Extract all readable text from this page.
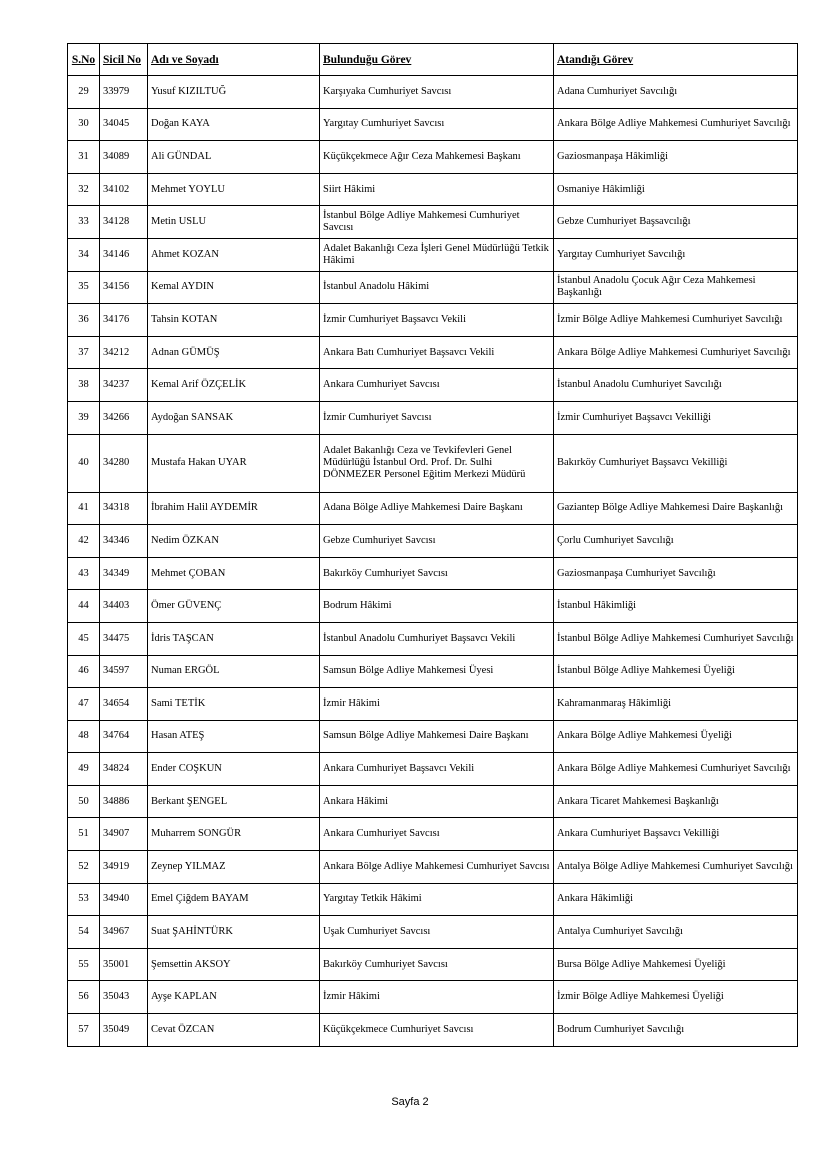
S.No	Sicil No	Adı ve Soyadı	Bulunduğu Görev	Atandığı Görev
29	33979	Yusuf KIZILTUĞ	Karşıyaka Cumhuriyet Savcısı	Adana Cumhuriyet Savcılığı
30	34045	Doğan KAYA	Yargıtay Cumhuriyet Savcısı	Ankara Bölge Adliye Mahkemesi Cumhuriyet Savcılığı
31	34089	Ali GÜNDAL	Küçükçekmece Ağır Ceza Mahkemesi Başkanı	Gaziosmanpaşa Hâkimliği
32	34102	Mehmet YOYLU	Siirt Hâkimi	Osmaniye Hâkimliği
33	34128	Metin USLU	İstanbul Bölge Adliye Mahkemesi Cumhuriyet Savcısı	Gebze Cumhuriyet Başsavcılığı
34	34146	Ahmet KOZAN	Adalet Bakanlığı Ceza İşleri Genel Müdürlüğü Tetkik Hâkimi	Yargıtay Cumhuriyet Savcılığı
35	34156	Kemal AYDIN	İstanbul Anadolu Hâkimi	İstanbul Anadolu Çocuk Ağır Ceza Mahkemesi Başkanlığı
36	34176	Tahsin KOTAN	İzmir Cumhuriyet Başsavcı Vekili	İzmir Bölge Adliye Mahkemesi Cumhuriyet Savcılığı
37	34212	Adnan GÜMÜŞ	Ankara Batı Cumhuriyet Başsavcı Vekili	Ankara Bölge Adliye Mahkemesi Cumhuriyet Savcılığı
38	34237	Kemal Arif ÖZÇELİK	Ankara Cumhuriyet Savcısı	İstanbul Anadolu Cumhuriyet Savcılığı
39	34266	Aydoğan SANSAK	İzmir Cumhuriyet Savcısı	İzmir Cumhuriyet Başsavcı Vekilliği
40	34280	Mustafa Hakan UYAR	Adalet Bakanlığı Ceza ve Tevkifevleri Genel Müdürlüğü İstanbul Ord. Prof. Dr. Sulhi DÖNMEZER Personel Eğitim Merkezi Müdürü	Bakırköy Cumhuriyet Başsavcı Vekilliği
41	34318	İbrahim Halil AYDEMİR	Adana Bölge Adliye Mahkemesi Daire Başkanı	Gaziantep Bölge Adliye Mahkemesi Daire Başkanlığı
42	34346	Nedim ÖZKAN	Gebze Cumhuriyet Savcısı	Çorlu Cumhuriyet Savcılığı
43	34349	Mehmet ÇOBAN	Bakırköy Cumhuriyet Savcısı	Gaziosmanpaşa Cumhuriyet Savcılığı
44	34403	Ömer GÜVENÇ	Bodrum Hâkimi	İstanbul Hâkimliği
45	34475	İdris TAŞCAN	İstanbul Anadolu Cumhuriyet Başsavcı Vekili	İstanbul Bölge Adliye Mahkemesi Cumhuriyet Savcılığı
46	34597	Numan ERGÖL	Samsun Bölge Adliye Mahkemesi Üyesi	İstanbul Bölge Adliye Mahkemesi Üyeliği
47	34654	Sami TETİK	İzmir Hâkimi	Kahramanmaraş Hâkimliği
48	34764	Hasan ATEŞ	Samsun Bölge Adliye Mahkemesi Daire Başkanı	Ankara Bölge Adliye Mahkemesi Üyeliği
49	34824	Ender COŞKUN	Ankara Cumhuriyet Başsavcı Vekili	Ankara Bölge Adliye Mahkemesi Cumhuriyet Savcılığı
50	34886	Berkant ŞENGEL	Ankara Hâkimi	Ankara Ticaret Mahkemesi Başkanlığı
51	34907	Muharrem SONGÜR	Ankara Cumhuriyet Savcısı	Ankara Cumhuriyet Başsavcı Vekilliği
52	34919	Zeynep YILMAZ	Ankara Bölge Adliye Mahkemesi Cumhuriyet Savcısı	Antalya Bölge Adliye Mahkemesi Cumhuriyet Savcılığı
53	34940	Emel Çiğdem BAYAM	Yargıtay Tetkik Hâkimi	Ankara Hâkimliği
54	34967	Suat ŞAHİNTÜRK	Uşak Cumhuriyet Savcısı	Antalya Cumhuriyet Savcılığı
55	35001	Şemsettin AKSOY	Bakırköy Cumhuriyet Savcısı	Bursa Bölge Adliye Mahkemesi Üyeliği
56	35043	Ayşe KAPLAN	İzmir Hâkimi	İzmir Bölge Adliye Mahkemesi Üyeliği
57	35049	Cevat ÖZCAN	Küçükçekmece Cumhuriyet Savcısı	Bodrum Cumhuriyet Savcılığı
Sayfa 2
